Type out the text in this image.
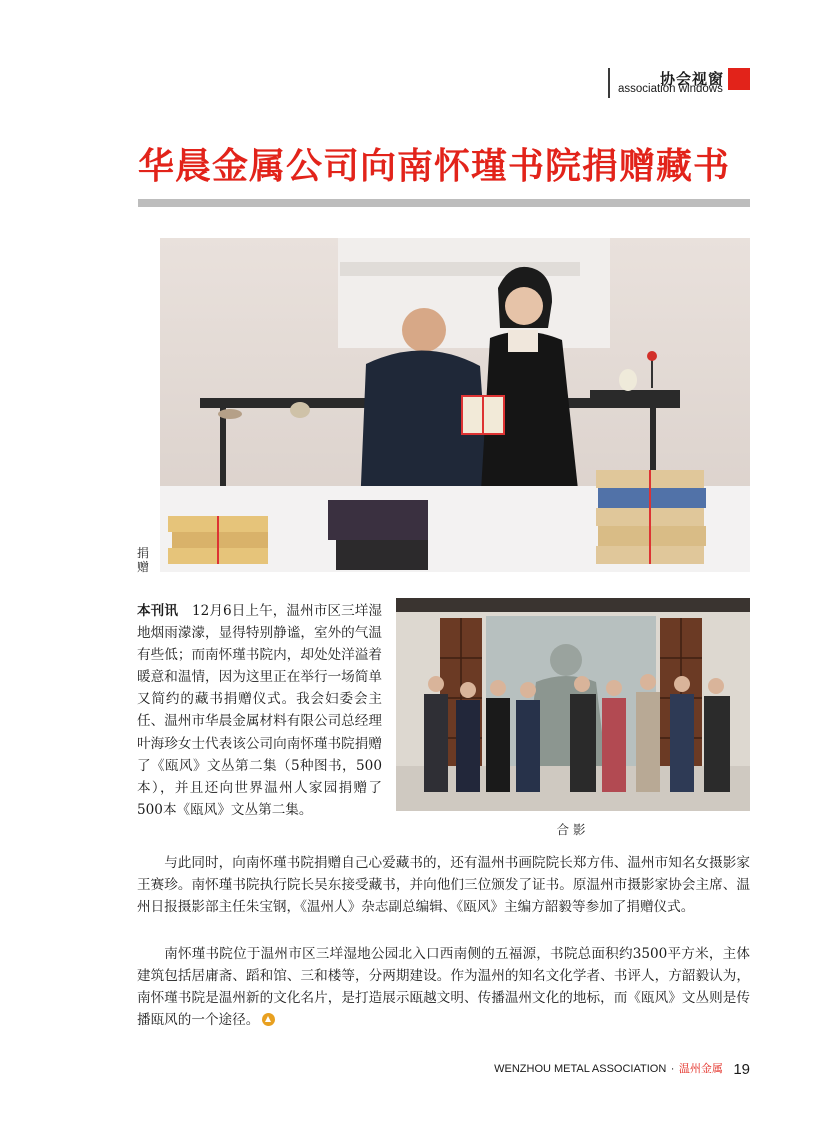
协会视窗
association windows
华晨金属公司向南怀瑾书院捐赠藏书
捐赠

本刊讯 12月6日上午，温州市区三垟湿地烟雨濛濛，显得特别静谧，室外的气温有些低；而南怀瑾书院内，却处处洋溢着暖意和温情，因为这里正在举行一场简单又简约的藏书捐赠仪式。我会妇委会主任、温州市华晨金属材料有限公司总经理叶海珍女士代表该公司向南怀瑾书院捐赠了《瓯风》文丛第二集（5种图书，500本），并且还向世界温州人家园捐赠了500本《瓯风》文丛第二集。

合影

与此同时，向南怀瑾书院捐赠自己心爱藏书的，还有温州书画院院长郑方伟、温州市知名女摄影家王赛珍。南怀瑾书院执行院长吴东接受藏书，并向他们三位颁发了证书。原温州市摄影家协会主席、温州日报摄影部主任朱宝钢，《温州人》杂志副总编辑、《瓯风》主编方韶毅等参加了捐赠仪式。

南怀瑾书院位于温州市区三垟湿地公园北入口西南侧的五福源，书院总面积约3500平方米，主体建筑包括居庸斋、蹈和馆、三和楼等，分两期建设。作为温州的知名文化学者、书评人，方韶毅认为，南怀瑾书院是温州新的文化名片，是打造展示瓯越文明、传播温州文化的地标，而《瓯风》文丛则是传播瓯风的一个途径。

WENZHOU METAL ASSOCIATION · 温州金属 19
